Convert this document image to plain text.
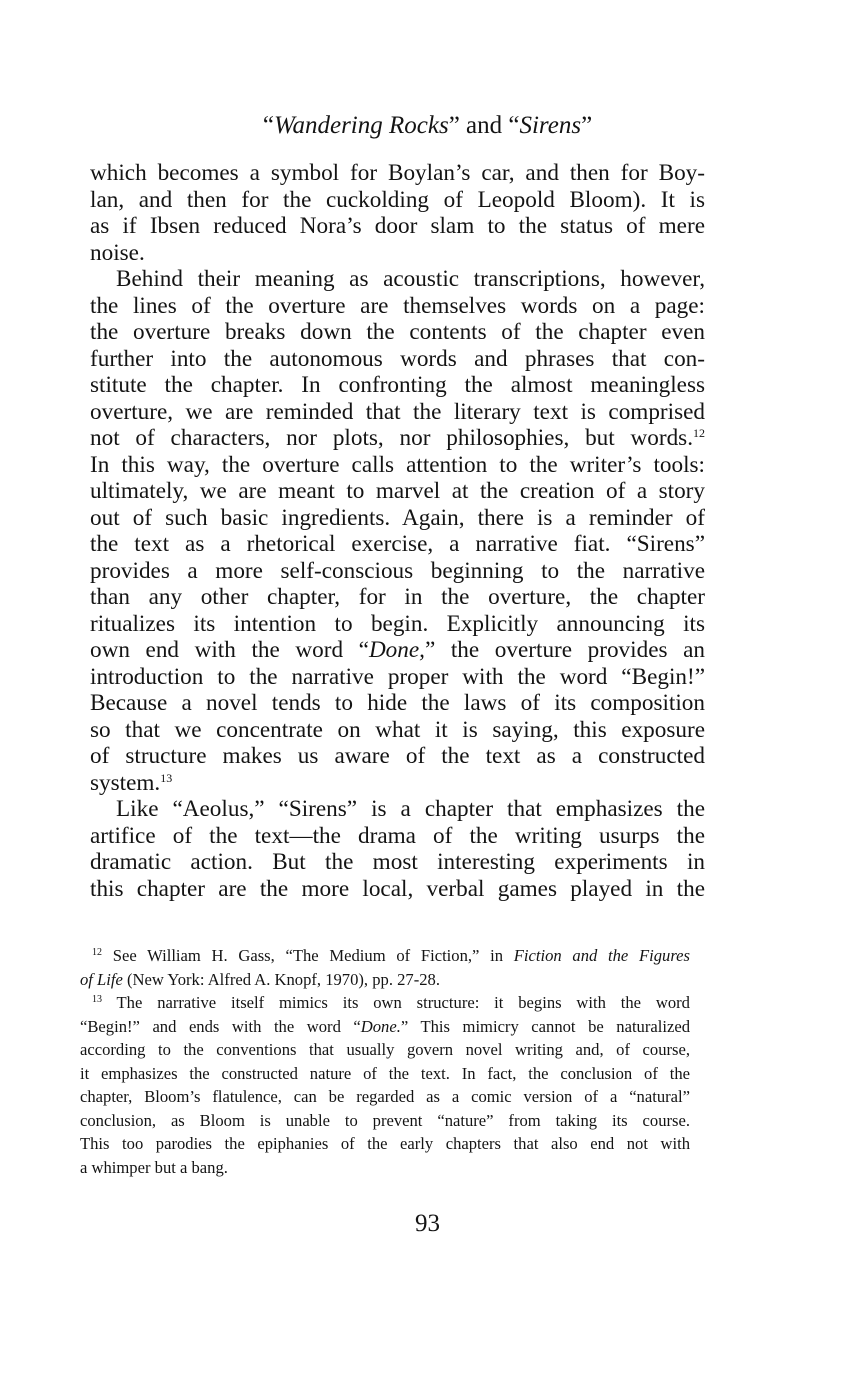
“Wandering Rocks” and “Sirens”
which becomes a symbol for Boylan’s car, and then for Boy-
lan, and then for the cuckolding of Leopold Bloom). It is
as if Ibsen reduced Nora’s door slam to the status of mere
noise.
Behind their meaning as acoustic transcriptions, however,
the lines of the overture are themselves words on a page:
the overture breaks down the contents of the chapter even
further into the autonomous words and phrases that con-
stitute the chapter. In confronting the almost meaningless
overture, we are reminded that the literary text is comprised
not of characters, nor plots, nor philosophies, but words.$^{12}$
In this way, the overture calls attention to the writer’s tools:
ultimately, we are meant to marvel at the creation of a story
out of such basic ingredients. Again, there is a reminder of
the text as a rhetorical exercise, a narrative fiat. “Sirens”
provides a more self-conscious beginning to the narrative
than any other chapter, for in the overture, the chapter
ritualizes its intention to begin. Explicitly announcing its
own end with the word “Done,” the overture provides an
introduction to the narrative proper with the word “Begin!”
Because a novel tends to hide the laws of its composition
so that we concentrate on what it is saying, this exposure
of structure makes us aware of the text as a constructed
system.$^{13}$
Like “Aeolus,” “Sirens” is a chapter that emphasizes the
artifice of the text—the drama of the writing usurps the
dramatic action. But the most interesting experiments in
this chapter are the more local, verbal games played in the
$^{12}$ See William H. Gass, “The Medium of Fiction,” in Fiction and the Figures
of Life (New York: Alfred A. Knopf, 1970), pp. 27-28.
$^{13}$ The narrative itself mimics its own structure: it begins with the word
“Begin!” and ends with the word “Done.” This mimicry cannot be naturalized
according to the conventions that usually govern novel writing and, of course,
it emphasizes the constructed nature of the text. In fact, the conclusion of the
chapter, Bloom’s flatulence, can be regarded as a comic version of a “natural”
conclusion, as Bloom is unable to prevent “nature” from taking its course.
This too parodies the epiphanies of the early chapters that also end not with
a whimper but a bang.
93
